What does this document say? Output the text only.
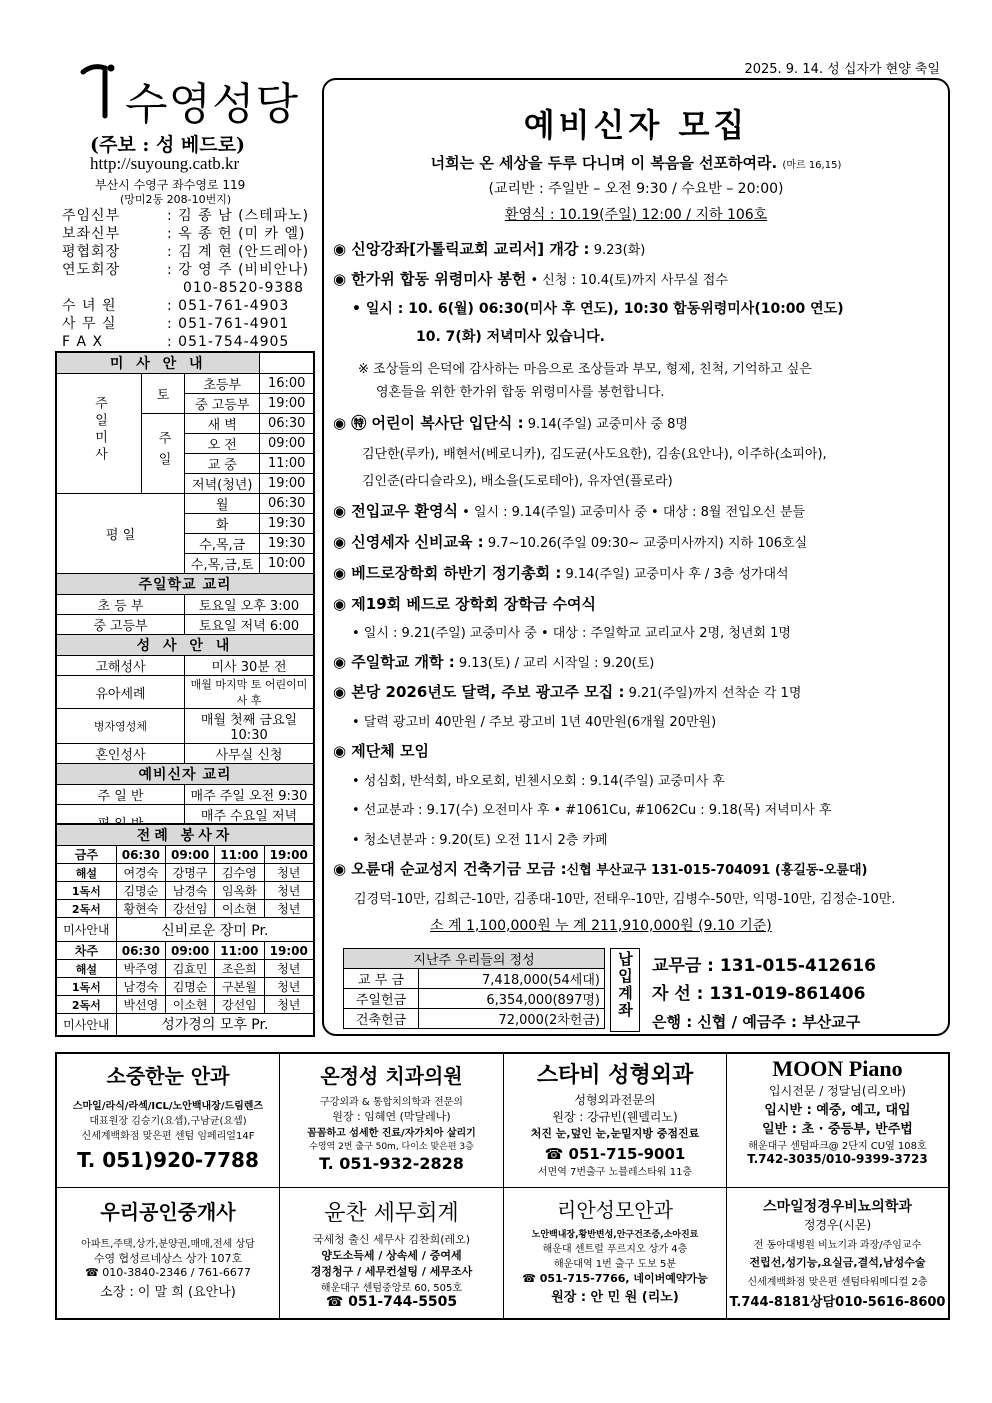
2025. 9. 14. 성 십자가 현양 축일
수영성당
(주보 : 성 베드로)
http://suyoung.catb.kr
부산시 수영구 좌수영로 119
(망미2동 208-10번지)
주임신부	: 김 종 남 (스테파노)
보좌신부	: 옥 종 헌 (미 카 엘)
평협회장	: 김 계 현 (안드레아)
연도회장	: 강 영 주 (비비안나)
010-8520-9388
수 녀 원	: 051-761-4903
사 무 실	: 051-761-4901
F A X	: 051-754-4905
미 사 안 내			
주일미사	토	초등부	16:00
		중 고등부	19:00
	주일	새 벽	06:30
		오 전	09:00
		교 중	11:00
		저녁(청년)	19:00
평 일		월	06:30
		화	19:30
		수,목,금	19:30
		수,목,금,토	10:00
주일학교 교리			
초 등 부		토요일 오후 3:00	
중 고등부		토요일 저녁 6:00	
성 사 안 내			
고해성사		미사 30분 전	
유아세례		매월 마지막 토 어린이미사 후	
병자영성체		매월 첫째 금요일 10:30	
혼인성사		사무실 신청	
예비신자 교리			
주 일 반		매주 주일 오전 9:30	
	매주 수요일 저녁	
전례 봉사자				
금주	06:30	09:00	11:00	19:00
해설	여경숙	강명구	김수영	청년
1독서	김명순	남경숙	임옥화	청년
2독서	황현숙	강선임	이소현	청년
미사안내	신비로운 장미 Pr.			
차주	06:30	09:00	11:00	19:00
해설	박주영	김효민	조은희	청년
1독서	남경숙	김명순	구본월	청년
2독서	박선영	이소현	강선임	청년
미사안내	성가경의 모후 Pr.			
예비신자 모집
너희는 온 세상을 두루 다니며 이 복음을 선포하여라. (마르 16,15)
(교리반 : 주일반 – 오전 9:30 / 수요반 – 20:00)
환영식 : 10.19(주일) 12:00 / 지하 106호
◉ 신앙강좌[가톨릭교회 교리서] 개강 : 9.23(화)
◉ 한가위 합동 위령미사 봉헌 • 신청 : 10.4(토)까지 사무실 접수
• 일시 : 10. 6(월) 06:30(미사 후 연도), 10:30 합동위령미사(10:00 연도)
10. 7(화) 저녁미사 있습니다.
※ 조상들의 은덕에 감사하는 마음으로 조상들과 부모, 형제, 친척, 기억하고 싶은
영혼들을 위한 한가위 합동 위령미사를 봉헌합니다.
◉ ㊕ 어린이 복사단 입단식 : 9.14(주일) 교중미사 중 8명
김단한(루카), 배현서(베로니카), 김도균(사도요한), 김송(요안나), 이주하(소피아),
김인준(라디슬라오), 배소을(도로테아), 유자연(플로라)
◉ 전입교우 환영식 • 일시 : 9.14(주일) 교중미사 중 • 대상 : 8월 전입오신 분들
◉ 신영세자 신비교육 : 9.7~10.26(주일 09:30~ 교중미사까지) 지하 106호실
◉ 베드로장학회 하반기 정기총회 : 9.14(주일) 교중미사 후 / 3층 성가대석
◉ 제19회 베드로 장학회 장학금 수여식
• 일시 : 9.21(주일) 교중미사 중 • 대상 : 주일학교 교리교사 2명, 청년회 1명
◉ 주일학교 개학 : 9.13(토) / 교리 시작일 : 9.20(토)
◉ 본당 2026년도 달력, 주보 광고주 모집 : 9.21(주일)까지 선착순 각 1명
• 달력 광고비 40만원 / 주보 광고비 1년 40만원(6개월 20만원)
◉ 제단체 모임
• 성심회, 반석회, 바오로회, 빈첸시오회 : 9.14(주일) 교중미사 후
• 선교분과 : 9.17(수) 오전미사 후 • #1061Cu, #1062Cu : 9.18(목) 저녁미사 후
• 청소년분과 : 9.20(토) 오전 11시 2층 카페
◉ 오륜대 순교성지 건축기금 모금 :신협 부산교구 131-015-704091 (홍길동-오륜대)
김경덕-10만, 김희근-10만, 김종대-10만, 전태우-10만, 김병수-50만, 익명-10만, 김정순-10만.
소 계 1,100,000원 누 계 211,910,000원 (9.10 기준)
지난주 우리들의 정성	
교 무 금	7,418,000(54세대)
주일헌금	6,354,000(897명)
건축헌금	72,000(2차헌금)
납입계좌	교무금 : 131-015-412616
자 선 : 131-019-861406
은행 : 신협 / 예금주 : 부산교구
소중한눈 안과

스마일/라식/라섹/ICL/노안백내장/드림렌즈

대표원장 김승기(요셉),구남균(요셉)

신세계백화점 맞은편 센텀 임페리얼14F

T. 051)920-7788

온정성 치과의원

구강외과 & 통합치의학과 전문의

원장 : 임혜연 (막달레나)

꼼꼼하고 섬세한 진료/자가치아 살리기

수영역 2번 출구 50m, 다이소 맞은편 3층

T. 051-932-2828

스타비 성형외과

성형외과전문의

원장 : 강규빈(웬델리노)

처진 눈,덮인 눈,눈밑지방 중점진료

☎ 051-715-9001

서면역 7번출구 노블레스타워 11층

MOON Piano

입시전문 / 정달님(리오바)

입시반 : 예중, 예고, 대입

일반 : 초 · 중등부, 반주법

해운대구 센텀파크@ 2단지 CU옆 108호

T.742-3035/010-9399-3723

우리공인중개사

아파트,주택,상가,분양권,매매,전세 상담

수영 협성르네상스 상가 107호

☎ 010-3840-2346 / 761-6677

소장 : 이 말 희 (요안나)

윤찬 세무회계

국세청 출신 세무사 김찬희(레오)

양도소득세 / 상속세 / 증여세

경정청구 / 세무컨설팅 / 세무조사

해운대구 센텀중앙로 60, 505호

☎ 051-744-5505

리안성모안과

노안백내장,황반변성,안구건조증,소아진료

해운대 센트럴 푸르지오 상가 4층

해운대역 1번 출구 도보 5분

☎ 051-715-7766, 네이버예약가능

원장 : 안 민 원 (리노)

스마일정경우비뇨의학과

정경우(시몬)

전 동아대병원 비뇨기과 과장/주임교수

전립선,성기능,요실금,결석,남성수술

신세계백화점 맞은편 센텀타워메디컬 2층

T.744-8181상담010-5616-8600
